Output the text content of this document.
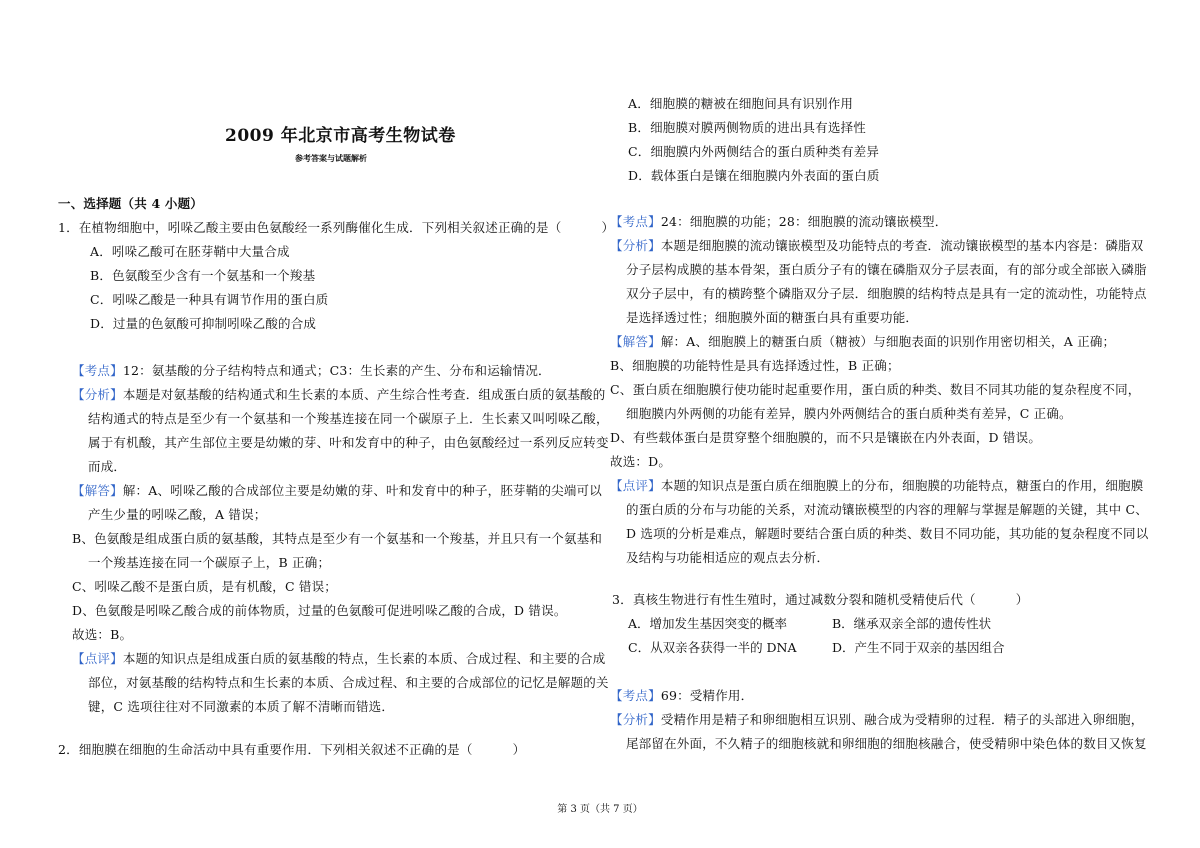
2009 年北京市高考生物试卷
参考答案与试题解析
一、选择题（共 4 小题）
1．在植物细胞中，吲哚乙酸主要由色氨酸经一系列酶催化生成．下列相关叙述正确的是（	）
A．吲哚乙酸可在胚芽鞘中大量合成
B．色氨酸至少含有一个氨基和一个羧基
C．吲哚乙酸是一种具有调节作用的蛋白质
D．过量的色氨酸可抑制吲哚乙酸的合成
【考点】12：氨基酸的分子结构特点和通式；C3：生长素的产生、分布和运输情况．
【分析】本题是对氨基酸的结构通式和生长素的本质、产生综合性考查．组成蛋白质的氨基酸的
结构通式的特点是至少有一个氨基和一个羧基连接在同一个碳原子上．生长素又叫吲哚乙酸，
属于有机酸，其产生部位主要是幼嫩的芽、叶和发育中的种子，由色氨酸经过一系列反应转变
而成．
【解答】解：A、吲哚乙酸的合成部位主要是幼嫩的芽、叶和发育中的种子，胚芽鞘的尖端可以
产生少量的吲哚乙酸，A 错误；
B、色氨酸是组成蛋白质的氨基酸，其特点是至少有一个氨基和一个羧基，并且只有一个氨基和
一个羧基连接在同一个碳原子上，B 正确；
C、吲哚乙酸不是蛋白质，是有机酸，C 错误；
D、色氨酸是吲哚乙酸合成的前体物质，过量的色氨酸可促进吲哚乙酸的合成，D 错误。
故选：B。
【点评】本题的知识点是组成蛋白质的氨基酸的特点，生长素的本质、合成过程、和主要的合成
部位，对氨基酸的结构特点和生长素的本质、合成过程、和主要的合成部位的记忆是解题的关
键，C 选项往往对不同激素的本质了解不清晰而错选．
2．细胞膜在细胞的生命活动中具有重要作用．下列相关叙述不正确的是（	）
A．细胞膜的糖被在细胞间具有识别作用
B．细胞膜对膜两侧物质的进出具有选择性
C．细胞膜内外两侧结合的蛋白质种类有差异
D．载体蛋白是镶在细胞膜内外表面的蛋白质
【考点】24：细胞膜的功能；28：细胞膜的流动镶嵌模型．
【分析】本题是细胞膜的流动镶嵌模型及功能特点的考查．流动镶嵌模型的基本内容是：磷脂双
分子层构成膜的基本骨架，蛋白质分子有的镶在磷脂双分子层表面，有的部分或全部嵌入磷脂
双分子层中，有的横跨整个磷脂双分子层．细胞膜的结构特点是具有一定的流动性，功能特点
是选择透过性；细胞膜外面的糖蛋白具有重要功能．
【解答】解：A、细胞膜上的糖蛋白质（糖被）与细胞表面的识别作用密切相关，A 正确；
B、细胞膜的功能特性是具有选择透过性，B 正确；
C、蛋白质在细胞膜行使功能时起重要作用，蛋白质的种类、数目不同其功能的复杂程度不同，
细胞膜内外两侧的功能有差异，膜内外两侧结合的蛋白质种类有差异，C 正确。
D、有些载体蛋白是贯穿整个细胞膜的，而不只是镶嵌在内外表面，D 错误。
故选：D。
【点评】本题的知识点是蛋白质在细胞膜上的分布，细胞膜的功能特点，糖蛋白的作用，细胞膜
的蛋白质的分布与功能的关系，对流动镶嵌模型的内容的理解与掌握是解题的关键，其中 C、
D 选项的分析是难点，解题时要结合蛋白质的种类、数目不同功能，其功能的复杂程度不同以
及结构与功能相适应的观点去分析．
3．真核生物进行有性生殖时，通过减数分裂和随机受精使后代（	）
A．增加发生基因突变的概率	B．继承双亲全部的遗传性状
C．从双亲各获得一半的 DNA	D．产生不同于双亲的基因组合
【考点】69：受精作用．
【分析】受精作用是精子和卵细胞相互识别、融合成为受精卵的过程．精子的头部进入卵细胞，
尾部留在外面，不久精子的细胞核就和卵细胞的细胞核融合，使受精卵中染色体的数目又恢复
第 3 页（共 7 页）
